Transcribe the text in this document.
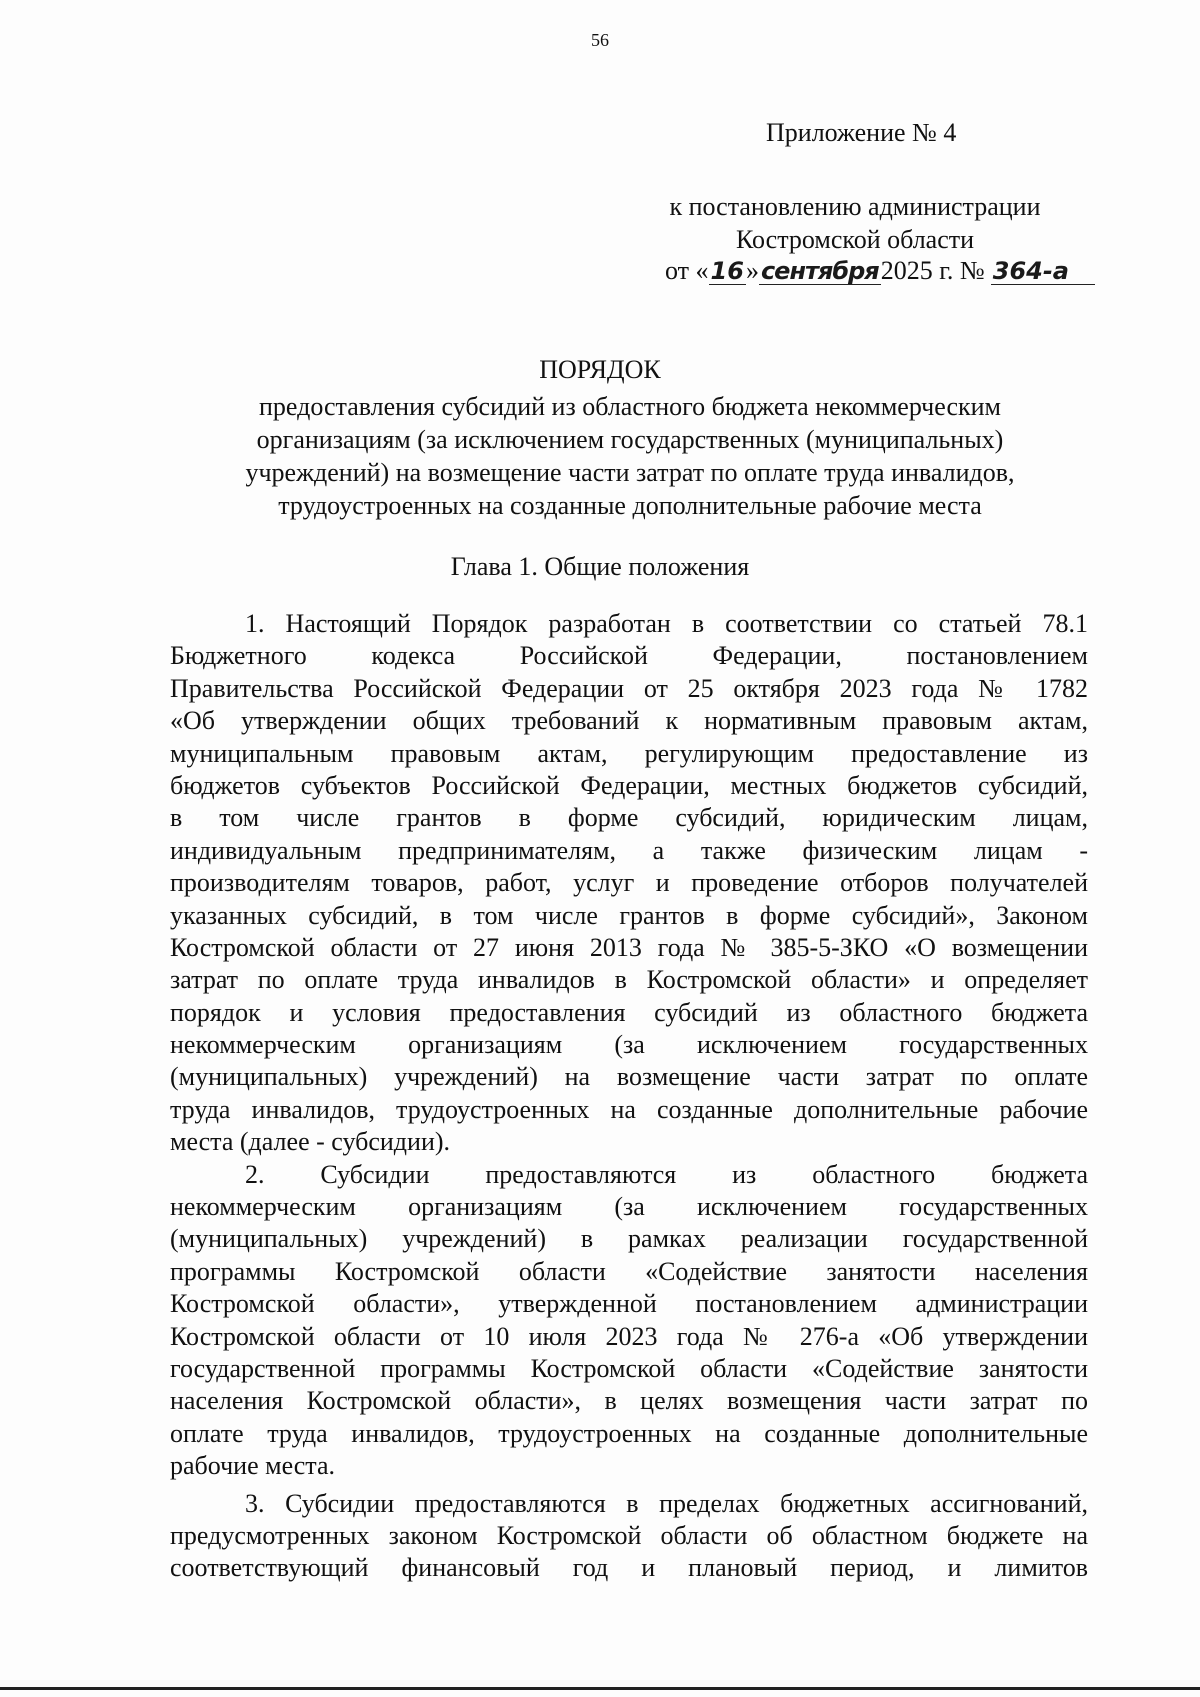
56
Приложение № 4
к постановлению администрации
Костромской области
от « 16 » сентября 2025 г. № 364-а
ПОРЯДОК
предоставления субсидий из областного бюджета некоммерческим
организациям (за исключением государственных (муниципальных)
учреждений) на возмещение части затрат по оплате труда инвалидов,
трудоустроенных на созданные дополнительные рабочие места
Глава 1. Общие положения
1. Настоящий Порядок разработан в соответствии со статьей 78.1
Бюджетного кодекса Российской Федерации, постановлением
Правительства Российской Федерации от 25 октября 2023 года № 1782
«Об утверждении общих требований к нормативным правовым актам,
муниципальным правовым актам, регулирующим предоставление из
бюджетов субъектов Российской Федерации, местных бюджетов субсидий,
в том числе грантов в форме субсидий, юридическим лицам,
индивидуальным предпринимателям, а также физическим лицам -
производителям товаров, работ, услуг и проведение отборов получателей
указанных субсидий, в том числе грантов в форме субсидий», Законом
Костромской области от 27 июня 2013 года № 385-5-ЗКО «О возмещении
затрат по оплате труда инвалидов в Костромской области» и определяет
порядок и условия предоставления субсидий из областного бюджета
некоммерческим организациям (за исключением государственных
(муниципальных) учреждений) на возмещение части затрат по оплате
труда инвалидов, трудоустроенных на созданные дополнительные рабочие
места (далее - субсидии).
2. Субсидии предоставляются из областного бюджета
некоммерческим организациям (за исключением государственных
(муниципальных) учреждений) в рамках реализации государственной
программы Костромской области «Содействие занятости населения
Костромской области», утвержденной постановлением администрации
Костромской области от 10 июля 2023 года № 276-а «Об утверждении
государственной программы Костромской области «Содействие занятости
населения Костромской области», в целях возмещения части затрат по
оплате труда инвалидов, трудоустроенных на созданные дополнительные
рабочие места.
3. Субсидии предоставляются в пределах бюджетных ассигнований,
предусмотренных законом Костромской области об областном бюджете на
соответствующий финансовый год и плановый период, и лимитов
